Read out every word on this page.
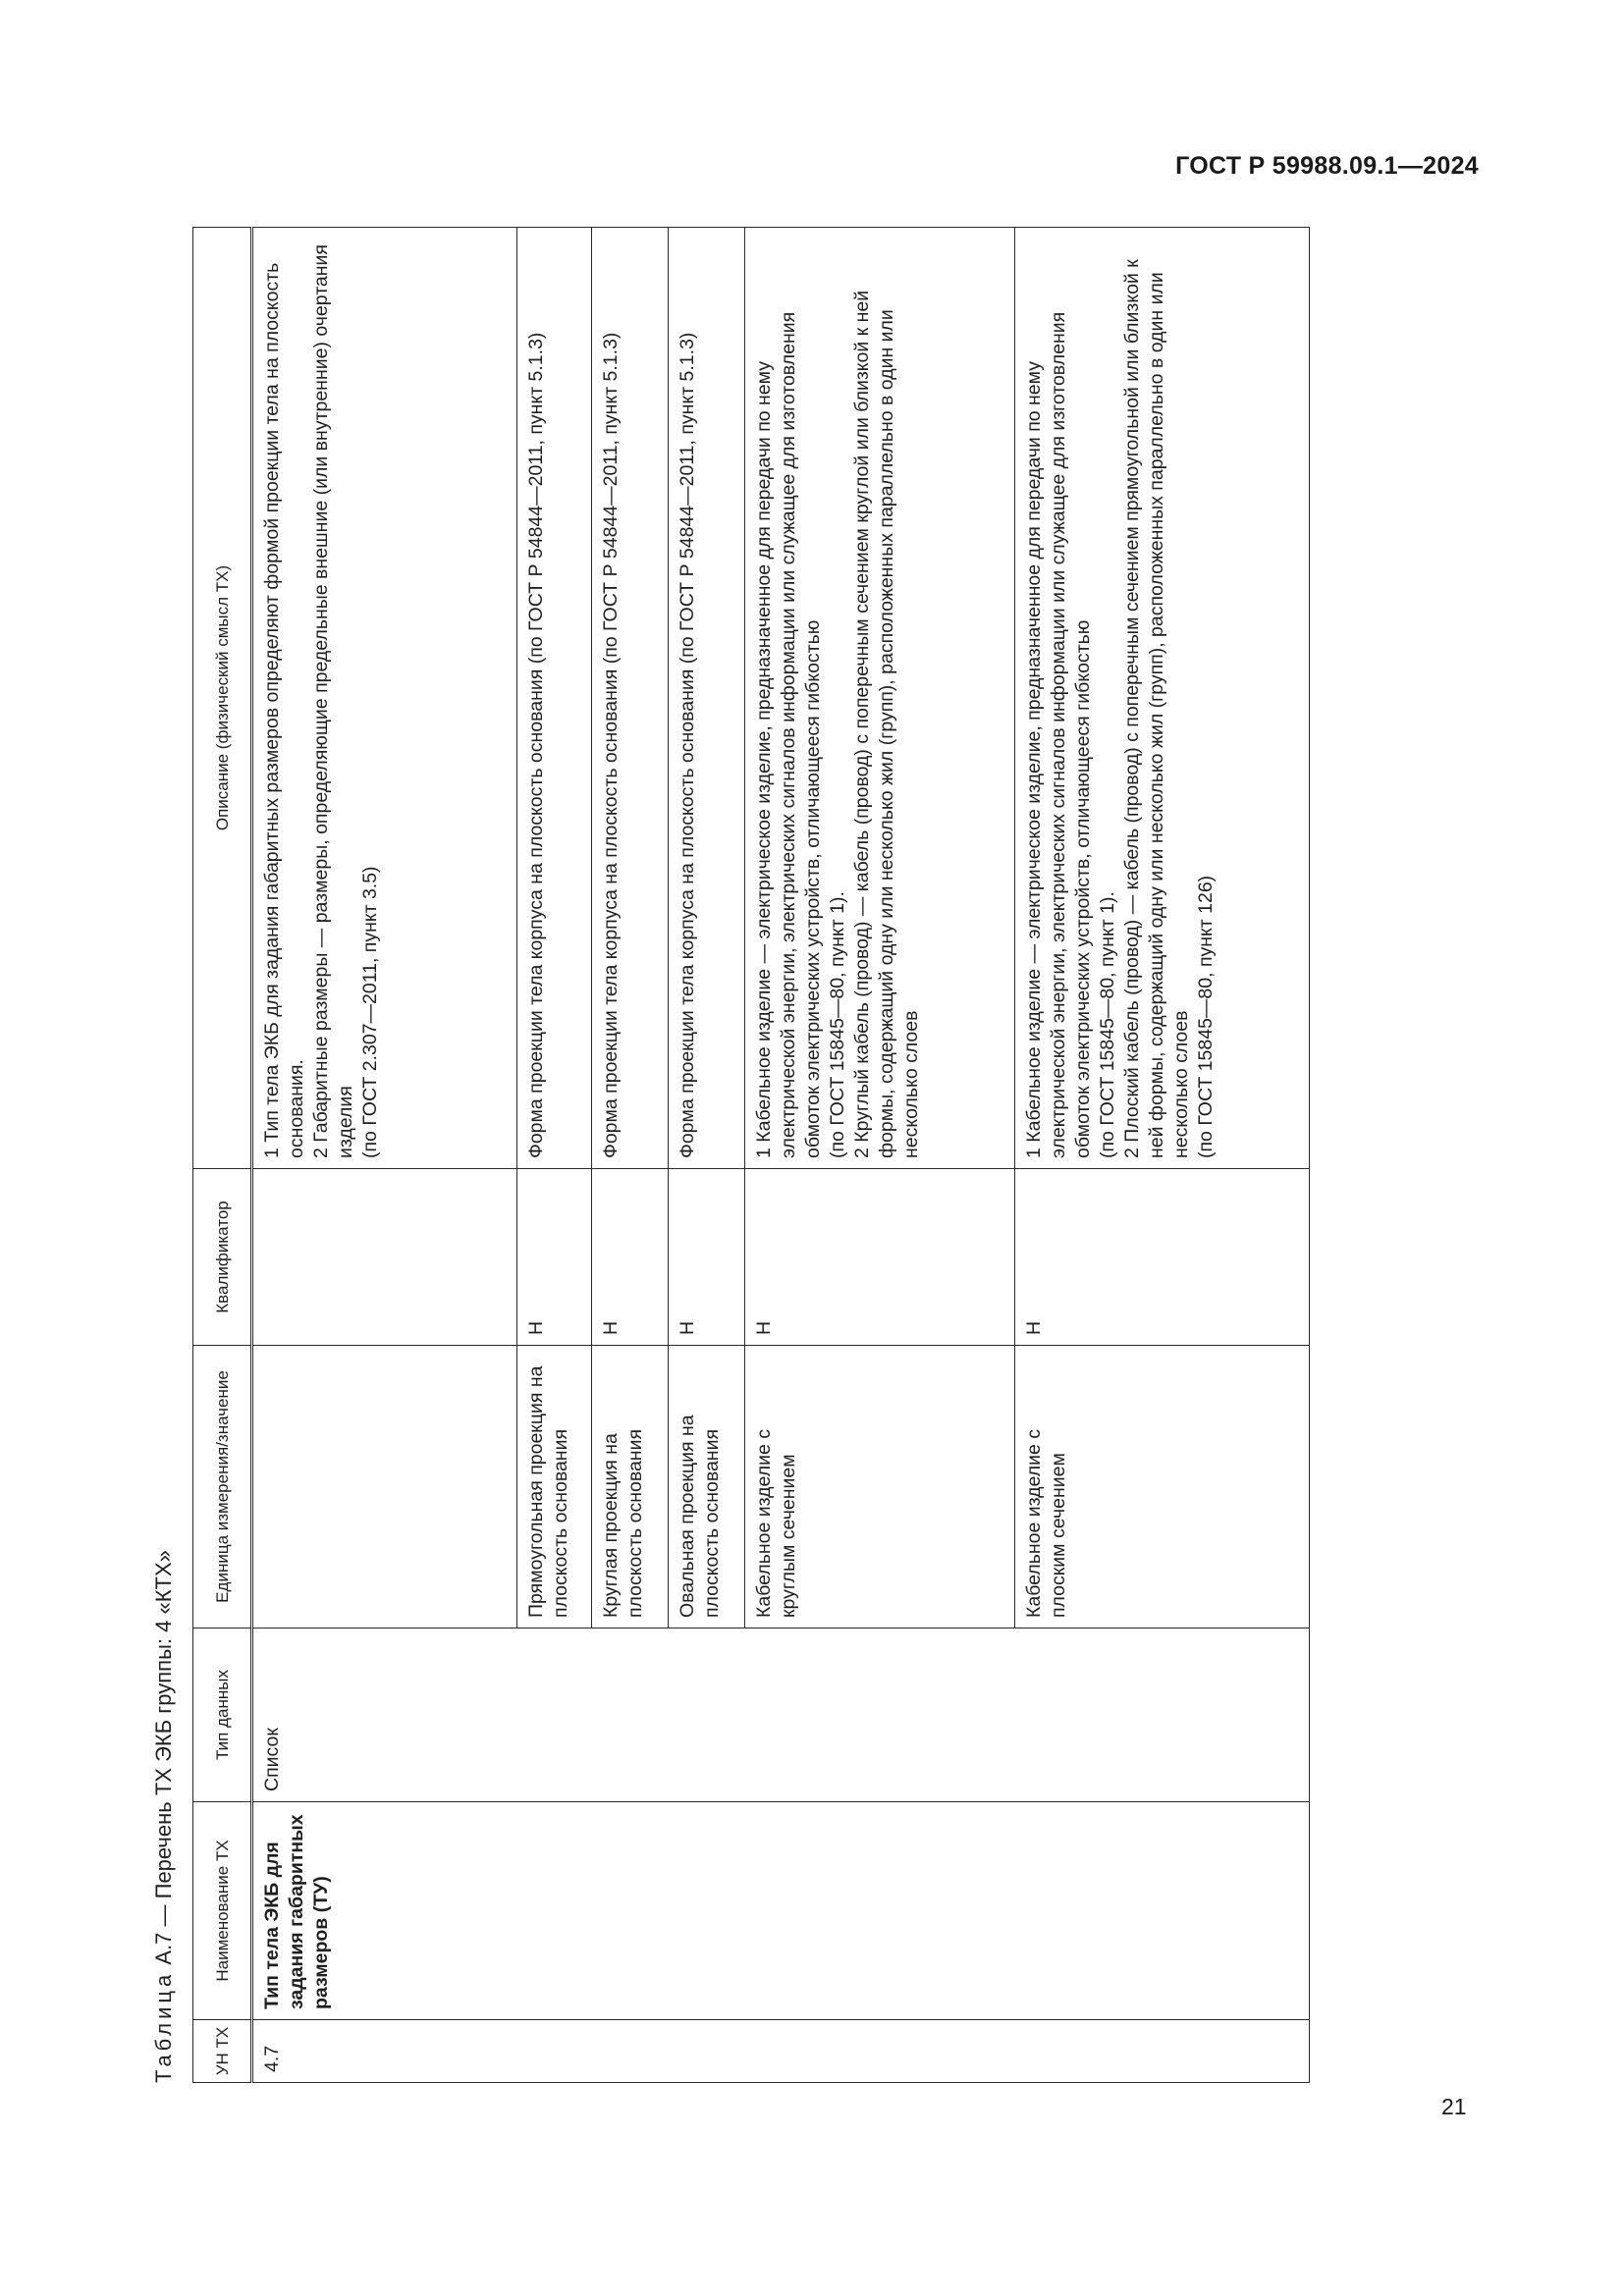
ГОСТ Р 59988.09.1—2024
Таблица А.7 — Перечень ТХ ЭКБ группы: 4 «КТХ»
УН ТХ	Наименование ТХ	Тип данных	Единица измерения/значение	Квалификатор	Описание (физический смысл ТХ)
4.7	Тип тела ЭКБ для задания габаритных размеров (ТУ)	Список			1 Тип тела ЭКБ для задания габаритных размеров определяют формой проекции тела на плоскость основания. 2 Габаритные размеры — размеры, определяющие предельные внешние (или внутренние) очертания изделия (по ГОСТ 2.307—2011, пункт 3.5)

			Прямоугольная проекция на плоскость основания	Н	Форма проекции тела корпуса на плоскость основания (по ГОСТ Р 54844—2011, пункт 5.1.3)

			Круглая проекция на плоскость основания	Н	Форма проекции тела корпуса на плоскость основания (по ГОСТ Р 54844—2011, пункт 5.1.3)

			Овальная проекция на плоскость основания	Н	Форма проекции тела корпуса на плоскость основания (по ГОСТ Р 54844—2011, пункт 5.1.3)

			Кабельное изделие с круглым сечением	Н	1 Кабельное изделие — электрическое изделие, предназначенное для передачи по нему электрической энергии, электрических сигналов информации или служащее для изготовления обмоток электрических устройств, отличающееся гибкостью (по ГОСТ 15845—80, пункт 1). 2 Круглый кабель (провод) — кабель (провод) с поперечным сечением круглой или близкой к ней формы, содержащий одну или несколько жил (групп), расположенных параллельно в один или несколько слоев

			Кабельное изделие с плоским сечением	Н	1 Кабельное изделие — электрическое изделие, предназначенное для передачи по нему электрической энергии, электрических сигналов информации или служащее для изготовления обмоток электрических устройств, отличающееся гибкостью (по ГОСТ 15845—80, пункт 1). 2 Плоский кабель (провод) — кабель (провод) с поперечным сечением прямоугольной или близкой к ней формы, содержащий одну или несколько жил (групп), расположенных параллельно в один или несколько слоев (по ГОСТ 15845—80, пункт 126)
21
